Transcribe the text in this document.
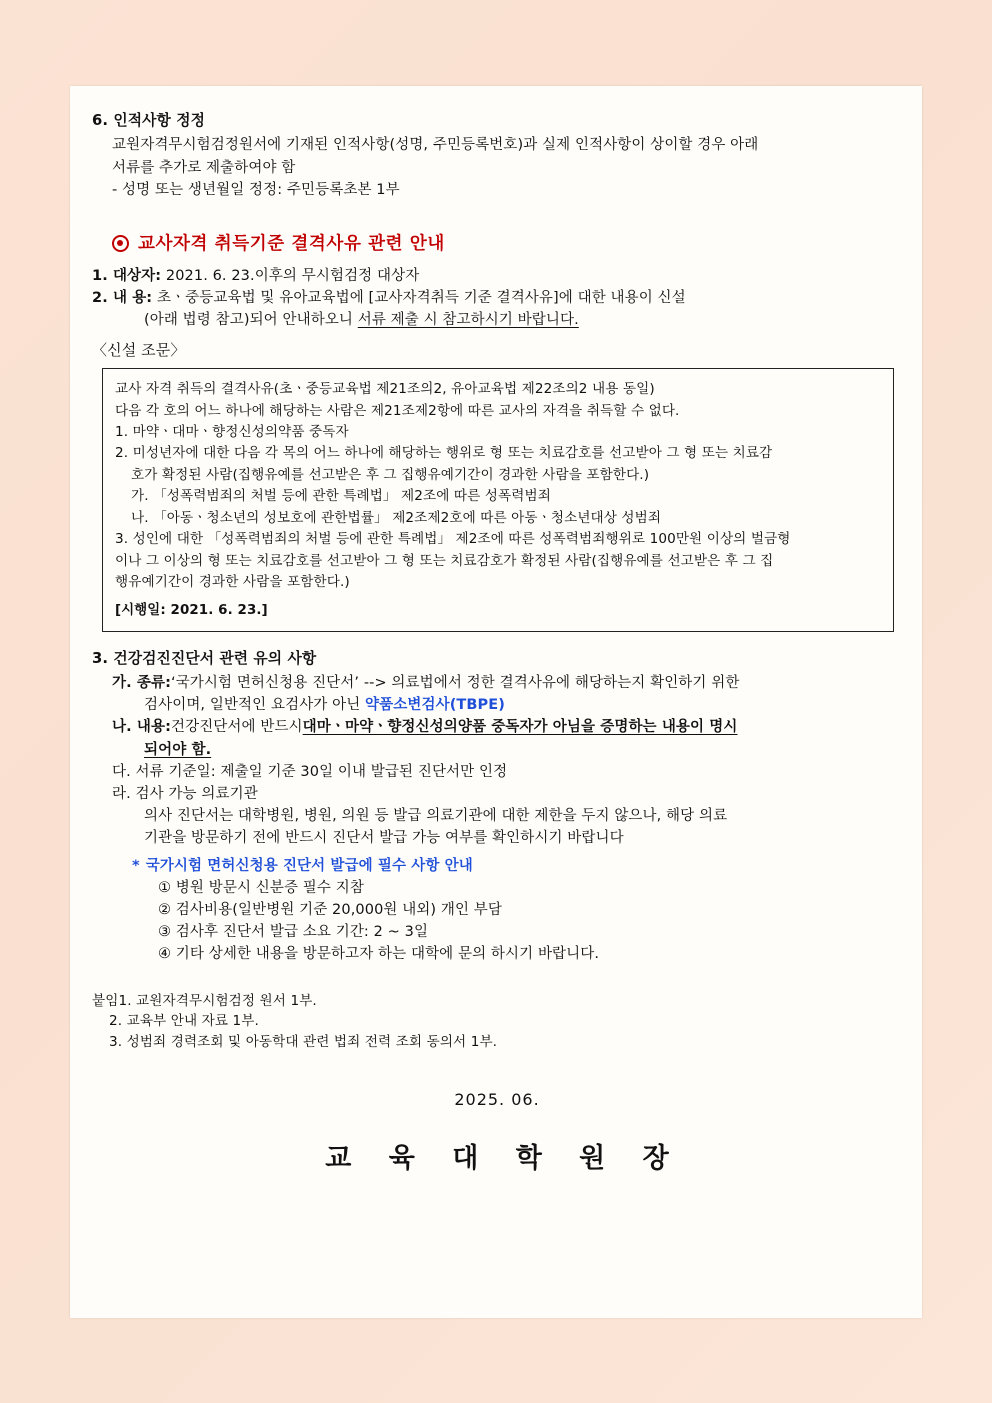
6. 인적사항 정정
교원자격무시험검정원서에 기재된 인적사항(성명, 주민등록번호)과 실제 인적사항이 상이할 경우 아래
서류를 추가로 제출하여야 함
- 성명 또는 생년월일 정정: 주민등록초본 1부
교사자격 취득기준 결격사유 관련 안내
1. 대상자:
2021. 6. 23.이후의 무시험검정 대상자
2. 내 용:
초ㆍ중등교육법 및 유아교육법에 [교사자격취득 기준 결격사유]에 대한 내용이 신설
(아래 법령 참고)되어 안내하오니 서류 제출 시 참고하시기 바랍니다.
〈신설 조문〉

교사 자격 취득의 결격사유(초ㆍ중등교육법 제21조의2, 유아교육법 제22조의2 내용 동일)

다음 각 호의 어느 하나에 해당하는 사람은 제21조제2항에 따른 교사의 자격을 취득할 수 없다.

1. 마약ㆍ대마ㆍ향정신성의약품 중독자

2. 미성년자에 대한 다음 각 목의 어느 하나에 해당하는 행위로 형 또는 치료감호를 선고받아 그 형 또는 치료감

호가 확정된 사람(집행유예를 선고받은 후 그 집행유예기간이 경과한 사람을 포함한다.)

가. 「성폭력범죄의 처벌 등에 관한 특례법」 제2조에 따른 성폭력범죄

나. 「아동ㆍ청소년의 성보호에 관한법률」 제2조제2호에 따른 아동ㆍ청소년대상 성범죄

3. 성인에 대한 「성폭력범죄의 처벌 등에 관한 특례법」 제2조에 따른 성폭력범죄행위로 100만원 이상의 벌금형

이나 그 이상의 형 또는 치료감호를 선고받아 그 형 또는 치료감호가 확정된 사람(집행유예를 선고받은 후 그 집

행유예기간이 경과한 사람을 포함한다.)

[시행일: 2021. 6. 23.]

3. 건강검진진단서 관련 유의 사항
가. 종류: ‘국가시험 면허신청용 진단서’ --> 의료법에서 정한 결격사유에 해당하는지 확인하기 위한
검사이며, 일반적인 요검사가 아닌 약품소변검사(TBPE)
나. 내용: 건강진단서에 반드시 대마ㆍ마약ㆍ향정신성의양품 중독자가 아님을 증명하는 내용이 명시
되어야 함.
다. 서류 기준일: 제출일 기준 30일 이내 발급된 진단서만 인정
라. 검사 가능 의료기관
의사 진단서는 대학병원, 병원, 의원 등 발급 의료기관에 대한 제한을 두지 않으나, 해당 의료
기관을 방문하기 전에 반드시 진단서 발급 가능 여부를 확인하시기 바랍니다
* 국가시험 면허신청용 진단서 발급에 필수 사항 안내
① 병원 방문시 신분증 필수 지참
② 검사비용(일반병원 기준 20,000원 내외) 개인 부담
③ 검사후 진단서 발급 소요 기간: 2 ~ 3일
④ 기타 상세한 내용을 방문하고자 하는 대학에 문의 하시기 바랍니다.
붙임1. 교원자격무시험검정 원서 1부.
2. 교육부 안내 자료 1부.
3. 성범죄 경력조회 및 아동학대 관련 법죄 전력 조회 동의서 1부.
2025. 06.
교 육 대 학 원 장
